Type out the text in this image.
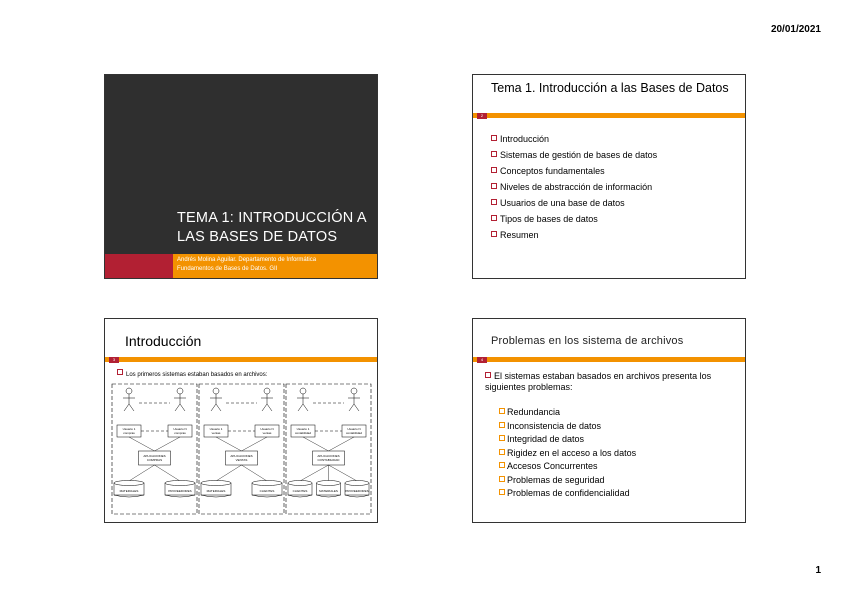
20/01/2021
TEMA 1: INTRODUCCIÓN A LAS BASES DE DATOS
Andrés Molina Aguilar. Departamento de Informática
Fundamentos de Bases de Datos. GII
Tema 1. Introducción a las Bases de Datos
2
Introducción
Sistemas de gestión de bases de datos
Conceptos fundamentales
Niveles de abstracción de información
Usuarios de una base de datos
Tipos de bases de datos
Resumen
Introducción
3
Los primeros sistemas estaban basados en archivos:
Usuario 1
compras
Usuario N
compras
APLICACIONES
COMPRAS
MATERIALES	PROVEEDORES
Usuario 1
ventas
Usuario N
ventas
APLICACIONES
VENTAS
MATERIALES	CLIENTES
Usuario 1
contabilidad
Usuario N
contabilidad
APLICACIONES
CONTABILIDAD
CLIENTES	MATERIALES	PROVEEDORES
Problemas en los sistema de archivos
4
El sistemas estaban basados en archivos presenta los siguientes problemas:
Redundancia
Inconsistencia de datos
Integridad de datos
Rigidez en el acceso a los datos
Accesos Concurrentes
Problemas de seguridad
Problemas de confidencialidad
1
